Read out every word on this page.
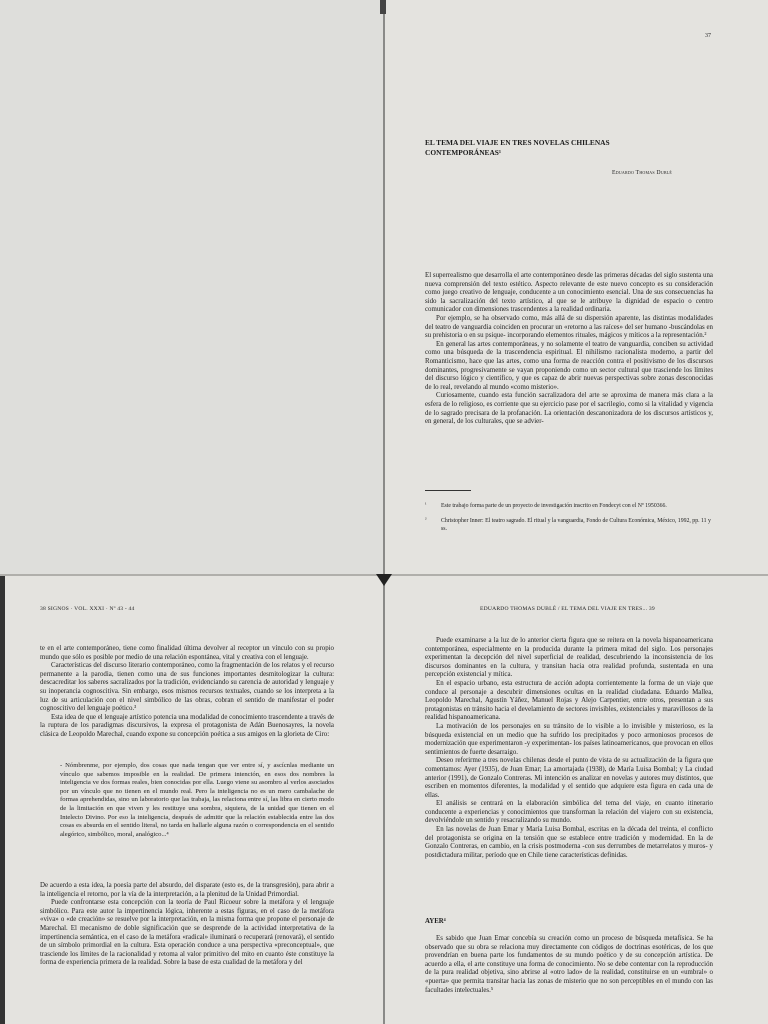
37
EL TEMA DEL VIAJE EN TRES NOVELAS CHILENAS
CONTEMPORÁNEAS¹
Eduardo Thomas Dublé

El superrealismo que desarrolla el arte contemporáneo desde las primeras décadas del siglo sustenta una nueva comprensión del texto estético. Aspecto relevante de este nuevo concepto es su consideración como juego creativo de lenguaje, conducente a un conocimiento esencial. Una de sus consecuencias ha sido la sacralización del texto artístico, al que se le atribuye la dignidad de espacio o centro comunicador con dimensiones trascendentes a la realidad ordinaria.

Por ejemplo, se ha observado como, más allá de su dispersión aparente, las distintas modalidades del teatro de vanguardia coinciden en procurar un «retorno a las raíces» del ser humano -buscándolas en su prehistoria o en su psique- incorporando elementos rituales, mágicos y míticos a la representación.²

En general las artes contemporáneas, y no solamente el teatro de vanguardia, conciben su actividad como una búsqueda de la trascendencia espiritual. El nihilismo racionalista moderno, a partir del Romanticismo, hace que las artes, como una forma de reacción contra el positivismo de los discursos dominantes, progresivamente se vayan proponiendo como un sector cultural que trasciende los límites del discurso lógico y científico, y que es capaz de abrir nuevas perspectivas sobre zonas desconocidas de lo real, revelando al mundo «como misterio».

Curiosamente, cuando esta función sacralizadora del arte se aproxima de manera más clara a la esfera de lo religioso, es corriente que su ejercicio pase por el sacrilegio, como si la vitalidad y vigencia de lo sagrado precisara de la profanación. La orientación descanonizadora de los discursos artísticos y, en general, de los culturales, que se advier-

¹	Este trabajo forma parte de un proyecto de investigación inscrito en Fondecyt con el Nº 1950366.
²	Christopher Inner: El teatro sagrado. El ritual y la vanguardia, Fondo de Cultura Económica, México, 1992, pp. 11 y ss.
38 SIGNOS · VOL. XXXI · Nº 43 - 44

te en el arte contemporáneo, tiene como finalidad última devolver al receptor un vínculo con su propio mundo que sólo es posible por medio de una relación espontánea, vital y creativa con el lenguaje.

Características del discurso literario contemporáneo, como la fragmentación de los relatos y el recurso permanente a la parodia, tienen como una de sus funciones importantes desmitologizar la cultura: descacreditar los saberes sacralizados por la tradición, evidenciando su carencia de autoridad y lenguaje y su inoperancia cognoscitiva. Sin embargo, esos mismos recursos textuales, cuando se los interpreta a la luz de su articulación con el nivel simbólico de las obras, cobran el sentido de manifestar el poder cognoscitivo del lenguaje poético.³

Esta idea de que el lenguaje artístico potencia una modalidad de conocimiento trascendente a través de la ruptura de los paradigmas discursivos, la expresa el protagonista de Adán Buenosayres, la novela clásica de Leopoldo Marechal, cuando expone su concepción poética a sus amigos en la glorieta de Ciro:

- Nómbrenme, por ejemplo, dos cosas que nada tengan que ver entre sí, y ascícnlas mediante un vínculo que sabemos imposible en la realidad. De primera intención, en esos dos nombres la inteligencia ve dos formas reales, bien conocidas por ella. Luego viene su asombro al verlos asociados por un vínculo que no tienen en el mundo real. Pero la inteligencia no es un mero cambalache de formas aprehendidas, sino un laboratorio que las trabaja, las relaciona entre sí, las libra en cierto modo de la limitación en que viven y les restituye una sombra, siquiera, de la unidad que tienen en el Intelecto Divino. Por eso la inteligencia, después de admitir que la relación establecida entre las dos cosas es absurda en el sentido literal, no tarda en hallarle alguna razón o correspondencia en el sentido alegórico, simbólico, moral, analógico...⁴

De acuerdo a esta idea, la poesía parte del absurdo, del disparate (esto es, de la transgresión), para abrir a la inteligencia el retorno, por la vía de la interpretación, a la plenitud de la Unidad Primordial.

Puede confrontarse esta concepción con la teoría de Paul Ricoeur sobre la metáfora y el lenguaje simbólico. Para este autor la impertinencia lógica, inherente a estas figuras, en el caso de la metáfora «viva» o «de creación» se resuelve por la interpretación, en la misma forma que propone el personaje de Marechal. El mecanismo de doble significación que se desprende de la actividad interpretativa de la impertinencia semántica, en el caso de la metáfora «radical» iluminará o recuperará (renovará), el sentido de un símbolo primordial en la cultura. Esta operación conduce a una perspectiva «preconceptual», que trasciende los límites de la racionalidad y retoma al valor primitivo del mito en cuanto éste constituye la forma de experiencia primera de la realidad. Sobre la base de esta cualidad de la metáfora y del

EDUARDO THOMAS DUBLÉ / EL TEMA DEL VIAJE EN TRES... 39

Puede examinarse a la luz de lo anterior cierta figura que se reitera en la novela hispanoamericana contemporánea, especialmente en la producida durante la primera mitad del siglo. Los personajes experimentan la decepción del nivel superficial de realidad, descubriendo la inconsistencia de los discursos dominantes en la cultura, y transitan hacia otra realidad profunda, sustentada en una percepción existencial y mítica.

En el espacio urbano, esta estructura de acción adopta corrientemente la forma de un viaje que conduce al personaje a descubrir dimensiones ocultas en la realidad ciudadana. Eduardo Mallea, Leopoldo Marechal, Agustín Yáñez, Manuel Rojas y Alejo Carpentier, entre otros, presentan a sus protagonistas en tránsito hacia el develamiento de sectores invisibles, existenciales y maravillosos de la realidad hispanoamericana.

La motivación de los personajes en su tránsito de lo visible a lo invisible y misterioso, es la búsqueda existencial en un medio que ha sufrido los precipitados y poco armoniosos procesos de modernización que experimentaron -y experimentan- los países latinoamericanos, que provocan en ellos sentimientos de fuerte desarraigo.

Deseo referirme a tres novelas chilenas desde el punto de vista de su actualización de la figura que comentamos: Ayer (1935), de Juan Emar; La amortajada (1938), de María Luisa Bombal; y La ciudad anterior (1991), de Gonzalo Contreras. Mi intención es analizar en novelas y autores muy distintos, que escriben en momentos diferentes, la modalidad y el sentido que adquiere esta figura en cada una de ellas.

El análisis se centrará en la elaboración simbólica del tema del viaje, en cuanto itinerario conducente a experiencias y conocimientos que transforman la relación del viajero con su existencia, devolviéndole un sentido y resacralizando su mundo.

En las novelas de Juan Emar y María Luisa Bombal, escritas en la década del treinta, el conflicto del protagonista se origina en la tensión que se establece entre tradición y modernidad. En la de Gonzalo Contreras, en cambio, en la crisis postmoderna -con sus derrumbes de metarrelatos y muros- y postdictadura militar, período que en Chile tiene características definidas.

AYER⁴

Es sabido que Juan Emar concebía su creación como un proceso de búsqueda metafísica. Se ha observado que su obra se relaciona muy directamente con códigos de doctrinas esotéricas, de los que provendrían en buena parte los fundamentos de su mundo poético y de su concepción artística. De acuerdo a ella, el arte constituye una forma de conocimiento. No se debe contentar con la reproducción de la pura realidad objetiva, sino abrirse al «otro lado» de la realidad, constituirse en un «umbral» o «puerta» que permita transitar hacia las zonas de misterio que no son perceptibles en el mundo con las facultades intelectuales.⁵
